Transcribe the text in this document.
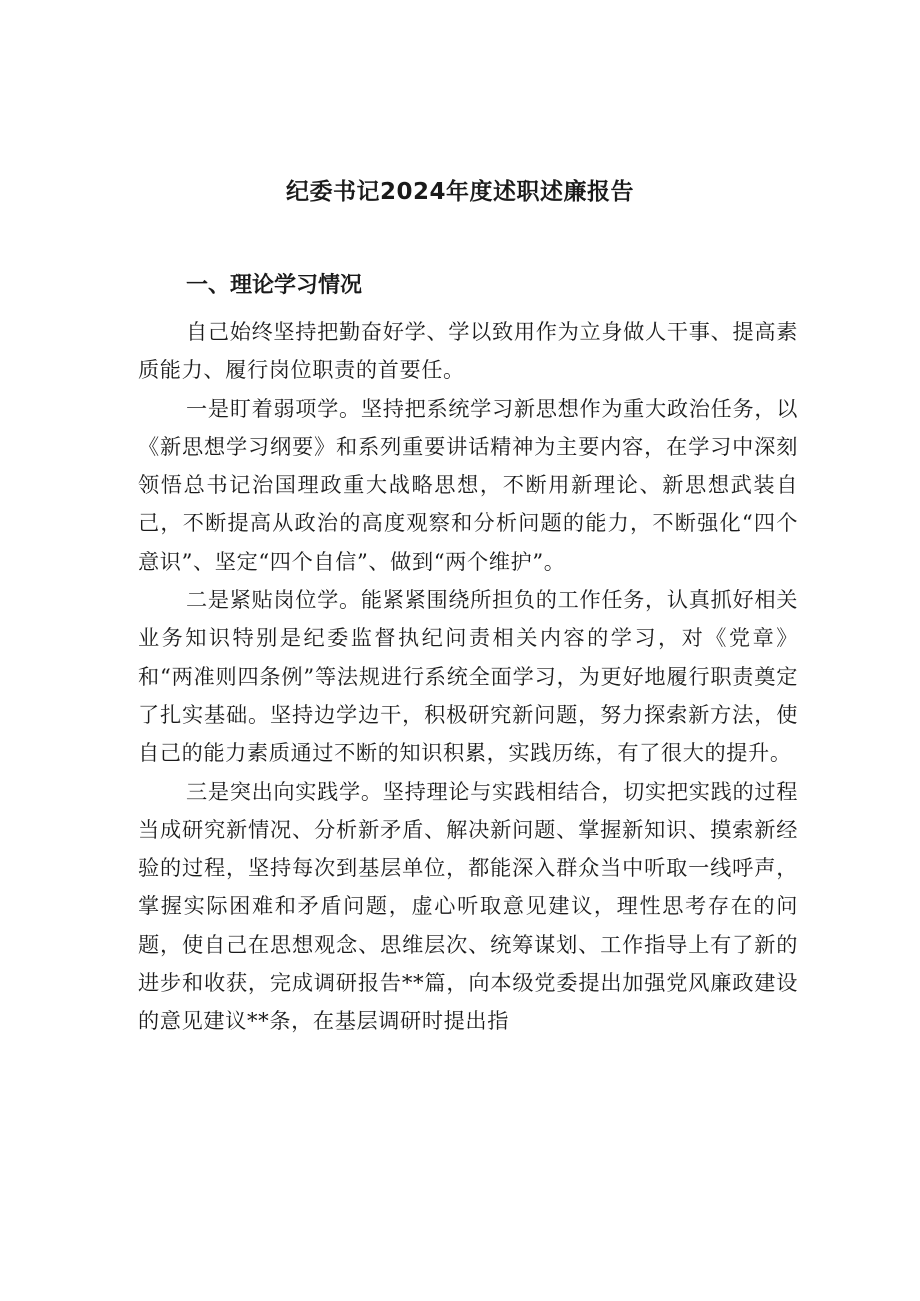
纪委书记2024年度述职述廉报告
一、理论学习情况

自己始终坚持把勤奋好学、学以致用作为立身做人干事、提高素质能力、履行岗位职责的首要任。

一是盯着弱项学。坚持把系统学习新思想作为重大政治任务，以《新思想学习纲要》和系列重要讲话精神为主要内容，在学习中深刻领悟总书记治国理政重大战略思想，不断用新理论、新思想武装自己，不断提高从政治的高度观察和分析问题的能力，不断强化“四个意识”、坚定“四个自信”、做到“两个维护”。

二是紧贴岗位学。能紧紧围绕所担负的工作任务，认真抓好相关业务知识特别是纪委监督执纪问责相关内容的学习，对《党章》和“两准则四条例”等法规进行系统全面学习，为更好地履行职责奠定了扎实基础。坚持边学边干，积极研究新问题，努力探索新方法，使自己的能力素质通过不断的知识积累，实践历练，有了很大的提升。

三是突出向实践学。坚持理论与实践相结合，切实把实践的过程当成研究新情况、分析新矛盾、解决新问题、掌握新知识、摸索新经验的过程，坚持每次到基层单位，都能深入群众当中听取一线呼声，掌握实际困难和矛盾问题，虚心听取意见建议，理性思考存在的问题，使自己在思想观念、思维层次、统筹谋划、工作指导上有了新的进步和收获，完成调研报告**篇，向本级党委提出加强党风廉政建设的意见建议**条，在基层调研时提出指
